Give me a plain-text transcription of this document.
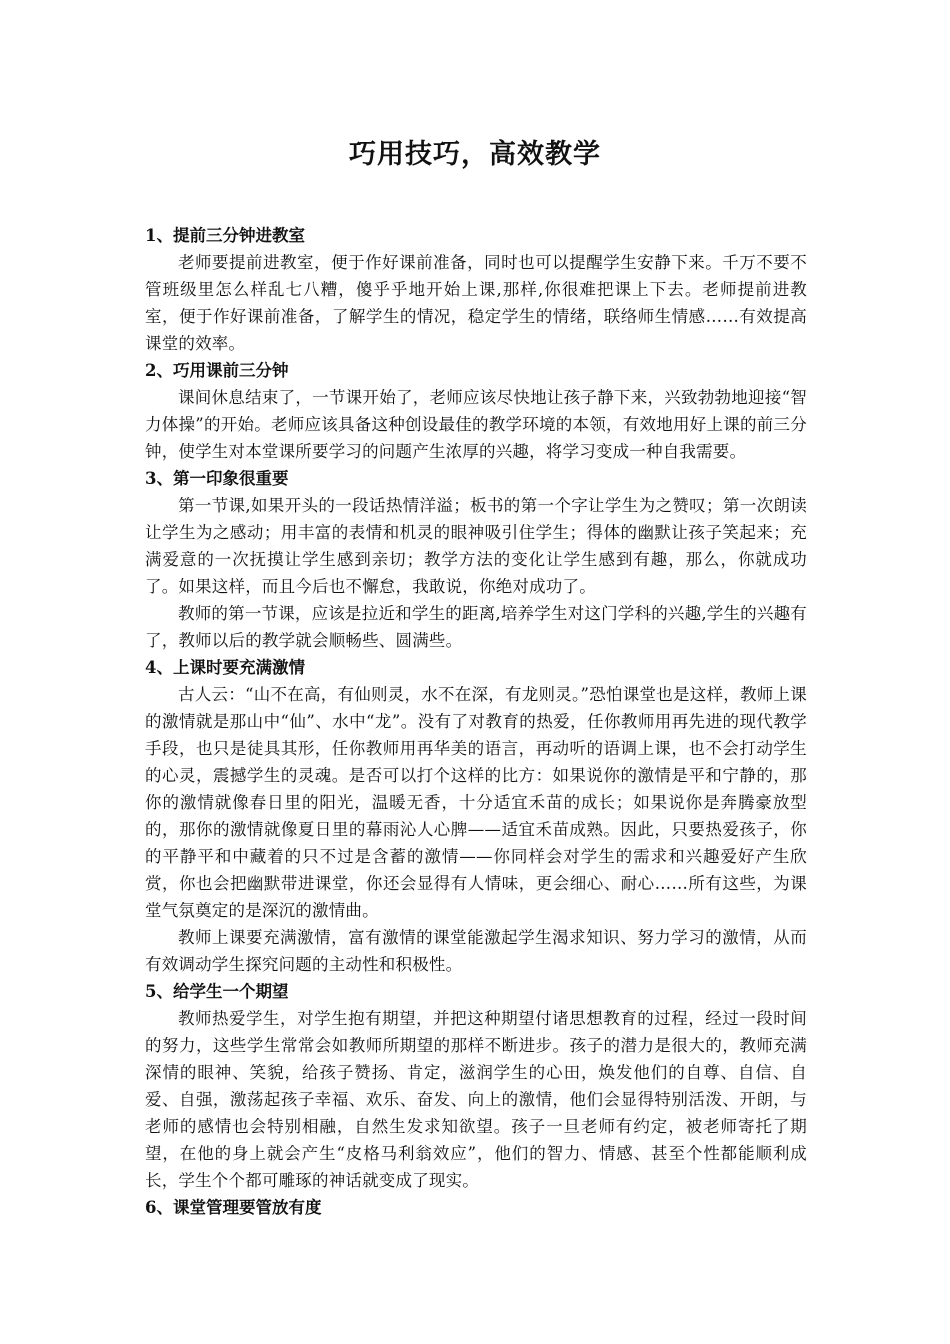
巧用技巧，高效教学

1、提前三分钟进教室

老师要提前进教室，便于作好课前准备，同时也可以提醒学生安静下来。千万不要不管班级里怎么样乱七八糟，傻乎乎地开始上课,那样,你很难把课上下去。老师提前进教室，便于作好课前准备，了解学生的情况，稳定学生的情绪，联络师生情感……有效提高课堂的效率。

2、巧用课前三分钟

课间休息结束了，一节课开始了，老师应该尽快地让孩子静下来，兴致勃勃地迎接“智力体操”的开始。老师应该具备这种创设最佳的教学环境的本领，有效地用好上课的前三分钟，使学生对本堂课所要学习的问题产生浓厚的兴趣，将学习变成一种自我需要。

3、第一印象很重要

第一节课,如果开头的一段话热情洋溢；板书的第一个字让学生为之赞叹；第一次朗读让学生为之感动；用丰富的表情和机灵的眼神吸引住学生；得体的幽默让孩子笑起来；充满爱意的一次抚摸让学生感到亲切；教学方法的变化让学生感到有趣，那么，你就成功了。如果这样，而且今后也不懈怠，我敢说，你绝对成功了。

教师的第一节课，应该是拉近和学生的距离,培养学生对这门学科的兴趣,学生的兴趣有了，教师以后的教学就会顺畅些、圆满些。

4、上课时要充满激情

古人云：“山不在高，有仙则灵，水不在深，有龙则灵。”恐怕课堂也是这样，教师上课的激情就是那山中“仙”、水中“龙”。没有了对教育的热爱，任你教师用再先进的现代教学手段，也只是徒具其形，任你教师用再华美的语言，再动听的语调上课，也不会打动学生的心灵，震撼学生的灵魂。是否可以打个这样的比方：如果说你的激情是平和宁静的，那你的激情就像春日里的阳光，温暖无香，十分适宜禾苗的成长；如果说你是奔腾豪放型的，那你的激情就像夏日里的幕雨沁人心脾——适宜禾苗成熟。因此，只要热爱孩子，你的平静平和中藏着的只不过是含蓄的激情——你同样会对学生的需求和兴趣爱好产生欣赏，你也会把幽默带进课堂，你还会显得有人情味，更会细心、耐心……所有这些，为课堂气氛奠定的是深沉的激情曲。

教师上课要充满激情，富有激情的课堂能激起学生渴求知识、努力学习的激情，从而有效调动学生探究问题的主动性和积极性。

5、给学生一个期望

教师热爱学生，对学生抱有期望，并把这种期望付诸思想教育的过程，经过一段时间的努力，这些学生常常会如教师所期望的那样不断进步。孩子的潜力是很大的，教师充满深情的眼神、笑貌，给孩子赞扬、肯定，滋润学生的心田，焕发他们的自尊、自信、自爱、自强，激荡起孩子幸福、欢乐、奋发、向上的激情，他们会显得特别活泼、开朗，与老师的感情也会特别相融，自然生发求知欲望。孩子一旦老师有约定，被老师寄托了期望，在他的身上就会产生“皮格马利翁效应”，他们的智力、情感、甚至个性都能顺利成长，学生个个都可雕琢的神话就变成了现实。

6、课堂管理要管放有度
